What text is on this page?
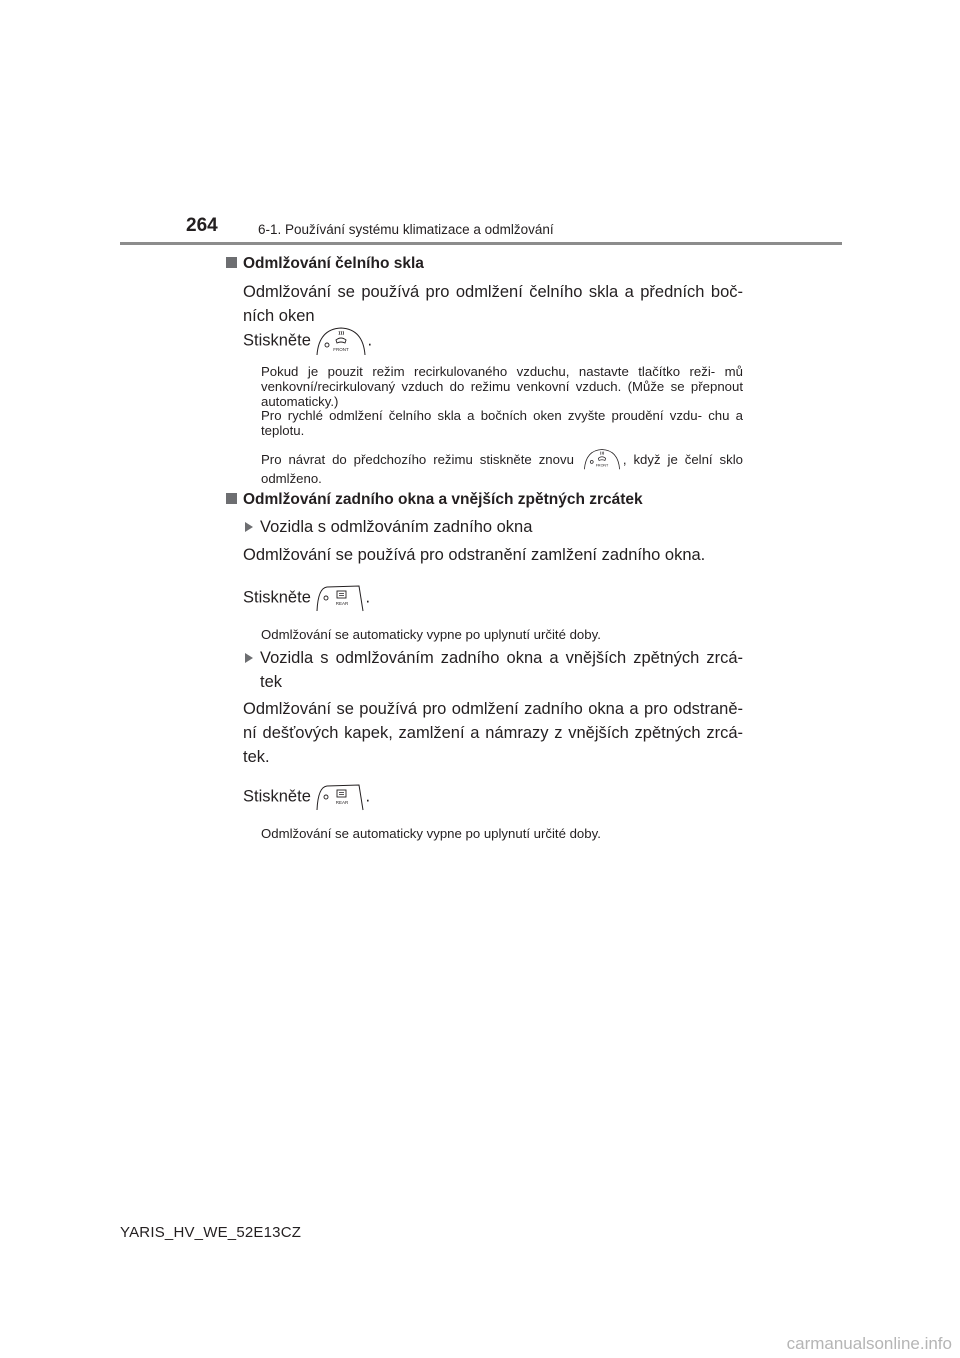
264	6-1. Používání systému klimatizace a odmlžování
Odmlžování čelního skla
Odmlžování se používá pro odmlžení čelního skla a předních boč- ních oken
Stiskněte
FRONT
.
Pokud je pouzit režim recirkulovaného vzduchu, nastavte tlačítko reži- mů venkovní/recirkulovaný vzduch do režimu venkovní vzduch. (Může se přepnout automaticky.)
Pro rychlé odmlžení čelního skla a bočních oken zvyšte proudění vzdu- chu a teplotu.
Pro návrat do předchozího režimu stiskněte znovu	FRONT , když je čelní sklo odmlženo.
Odmlžování zadního okna a vnějších zpětných zrcátek
Vozidla s odmlžováním zadního okna
Odmlžování se používá pro odstranění zamlžení zadního okna.
Stiskněte	REAR .
Odmlžování se automaticky vypne po uplynutí určité doby.
Vozidla s odmlžováním zadního okna a vnějších zpětných zrcá- tek
Odmlžování se používá pro odmlžení zadního okna a pro odstraně- ní dešťových kapek, zamlžení a námrazy z vnějších zpětných zrcá- tek.
Stiskněte	REAR .
Odmlžování se automaticky vypne po uplynutí určité doby.
YARIS_HV_WE_52E13CZ
carmanualsonline.info
